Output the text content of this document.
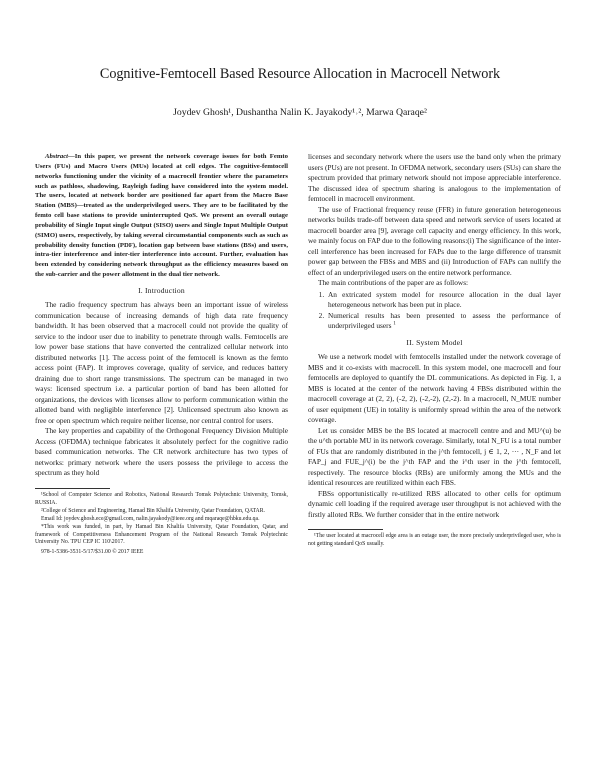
Cognitive-Femtocell Based Resource Allocation in Macrocell Network
Joydev Ghosh¹, Dushantha Nalin K. Jayakody¹˒², Marwa Qaraqe²

Abstract—In this paper, we present the network coverage issues for both Femto Users (FUs) and Macro Users (MUs) located at cell edges. The cognitive-femtocell networks functioning under the vicinity of a macrocell frontier where the parameters such as pathloss, shadowing, Rayleigh fading have considered into the system model. The users, located at network border are positioned far apart from the Macro Base Station (MBS)—treated as the underprivileged users. They are to be facilitated by the femto cell base stations to provide uninterrupted QoS. We present an overall outage probability of Single Input single Output (SISO) users and Single Input Multiple Output (SIMO) users, respectively, by taking several circumstantial components such as such as probability density function (PDF), location gap between base stations (BSs) and users, intra-tier interference and inter-tier interference into account. Further, evaluation has been extended by considering network throughput as the efficiency measures based on the sub-carrier and the power allotment in the dual tier network.

I. Introduction

The radio frequency spectrum has always been an important issue of wireless communication because of increasing demands of high data rate frequency bandwidth. It has been observed that a macrocell could not provide the quality of service to the indoor user due to inability to penetrate through walls. Femtocells are low power base stations that have converted the centralized cellular network into distributed networks [1]. The access point of the femtocell is known as the femto access point (FAP). It improves coverage, quality of service, and reduces battery draining due to short range transmissions. The spectrum can be managed in two ways: licensed spectrum i.e. a particular portion of band has been allotted for organizations, the devices with licenses allow to perform communication within the allotted band with negligible interference [2]. Unlicensed spectrum also known as free or open spectrum which require neither license, nor central control for users.

The key properties and capability of the Orthogonal Frequency Division Multiple Access (OFDMA) technique fabricates it absolutely perfect for the cognitive radio based communication networks. The CR network architecture has two types of networks: primary network where the users possess the privilege to access the spectrum as they hold

¹School of Computer Science and Robotics, National Research Tomsk Polytechnic University, Tomsk, RUSSIA.

²College of Science and Engineering, Hamad Bin Khalifa University, Qatar Foundation, QATAR.

Email Id: joydev.ghosh.ece@gmail.com, nalin.jayakody@ieee.org and mqaraqe@hbku.edu.qa.

*This work was funded, in part, by Hamad Bin Khalifa University, Qatar Foundation, Qatar, and framework of Competitiveness Enhancement Program of the National Research Tomsk Polytechnic University No. TPU CEP IC 110\2017.

978-1-5386-3531-5/17/$31.00 © 2017 IEEE

licenses and secondary network where the users use the band only when the primary users (PUs) are not present. In OFDMA network, secondary users (SUs) can share the spectrum provided that primary network should not impose appreciable interference. The discussed idea of spectrum sharing is analogous to the implementation of femtocell in macrocell environment.

The use of Fractional frequency reuse (FFR) in future generation heterogeneous networks builds trade-off between data speed and network service of users located at macrocell boarder area [9], average cell capacity and energy efficiency. In this work, we mainly focus on FAP due to the following reasons:(i) The significance of the inter-cell interference has been increased for FAPs due to the large difference of transmit power gap between the FBSs and MBS and (ii) Introduction of FAPs can nullify the effect of an underprivileged users on the entire network performance.

The main contributions of the paper are as follows:

1. An extricated system model for resource allocation in the dual layer heterogeneous network has been put in place.
2. Numerical results has been presented to assess the performance of underprivileged users $^1$
II. System Model

We use a network model with femtocells installed under the network coverage of MBS and it co-exists with macrocell. In this system model, one macrocell and four femtocells are deployed to quantify the DL communications. As depicted in Fig. 1, a MBS is located at the center of the network having 4 FBSs distributed within the macrocell coverage at (2, 2), (-2, 2), (-2,-2), (2,-2). In a macrocell, N_MUE number of user equipment (UE) in totality is uniformly spread within the area of the network coverage.

Let us consider MBS be the BS located at macrocell centre and and MU^(u) be the u^th portable MU in its network coverage. Similarly, total N_FU is a total number of FUs that are randomly distributed in the j^th femtocell, j ∈ 1, 2, ··· , N_F and let FAP_j and FUE_j^(i) be the j^th FAP and the i^th user in the j^th femtocell, respectively. The resource blocks (RBs) are uniformly among the MUs and the identical resources are reutilized within each FBS.

FBSs opportunistically re-utilized RBS allocated to other cells for optimum dynamic cell loading if the required average user throughput is not achieved with the firstly alloted RBs. We further consider that in the entire network

¹The user located at macrocell edge area is an outage user, the more precisely underprivileged user, who is not getting standard QoS usually.
